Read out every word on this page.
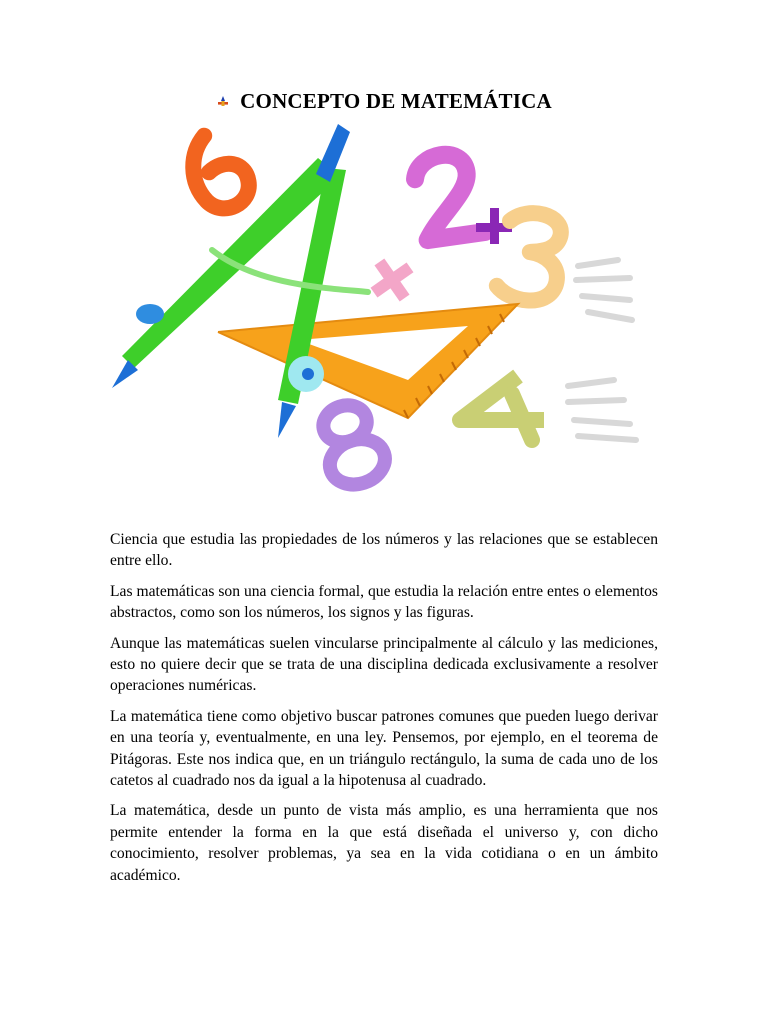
CONCEPTO DE MATEMÁTICA

Ciencia que estudia las propiedades de los números y las relaciones que se establecen entre ello.

Las matemáticas son una ciencia formal, que estudia la relación entre entes o elementos abstractos, como son los números, los signos y las figuras.

Aunque las matemáticas suelen vincularse principalmente al cálculo y las mediciones, esto no quiere decir que se trata de una disciplina dedicada exclusivamente a resolver operaciones numéricas.

La matemática tiene como objetivo buscar patrones comunes que pueden luego derivar en una teoría y, eventualmente, en una ley. Pensemos, por ejemplo, en el teorema de Pitágoras. Este nos indica que, en un triángulo rectángulo, la suma de cada uno de los catetos al cuadrado nos da igual a la hipotenusa al cuadrado.

La matemática, desde un punto de vista más amplio, es una herramienta que nos permite entender la forma en la que está diseñada el universo y, con dicho conocimiento, resolver problemas, ya sea en la vida cotidiana o en un ámbito académico.
